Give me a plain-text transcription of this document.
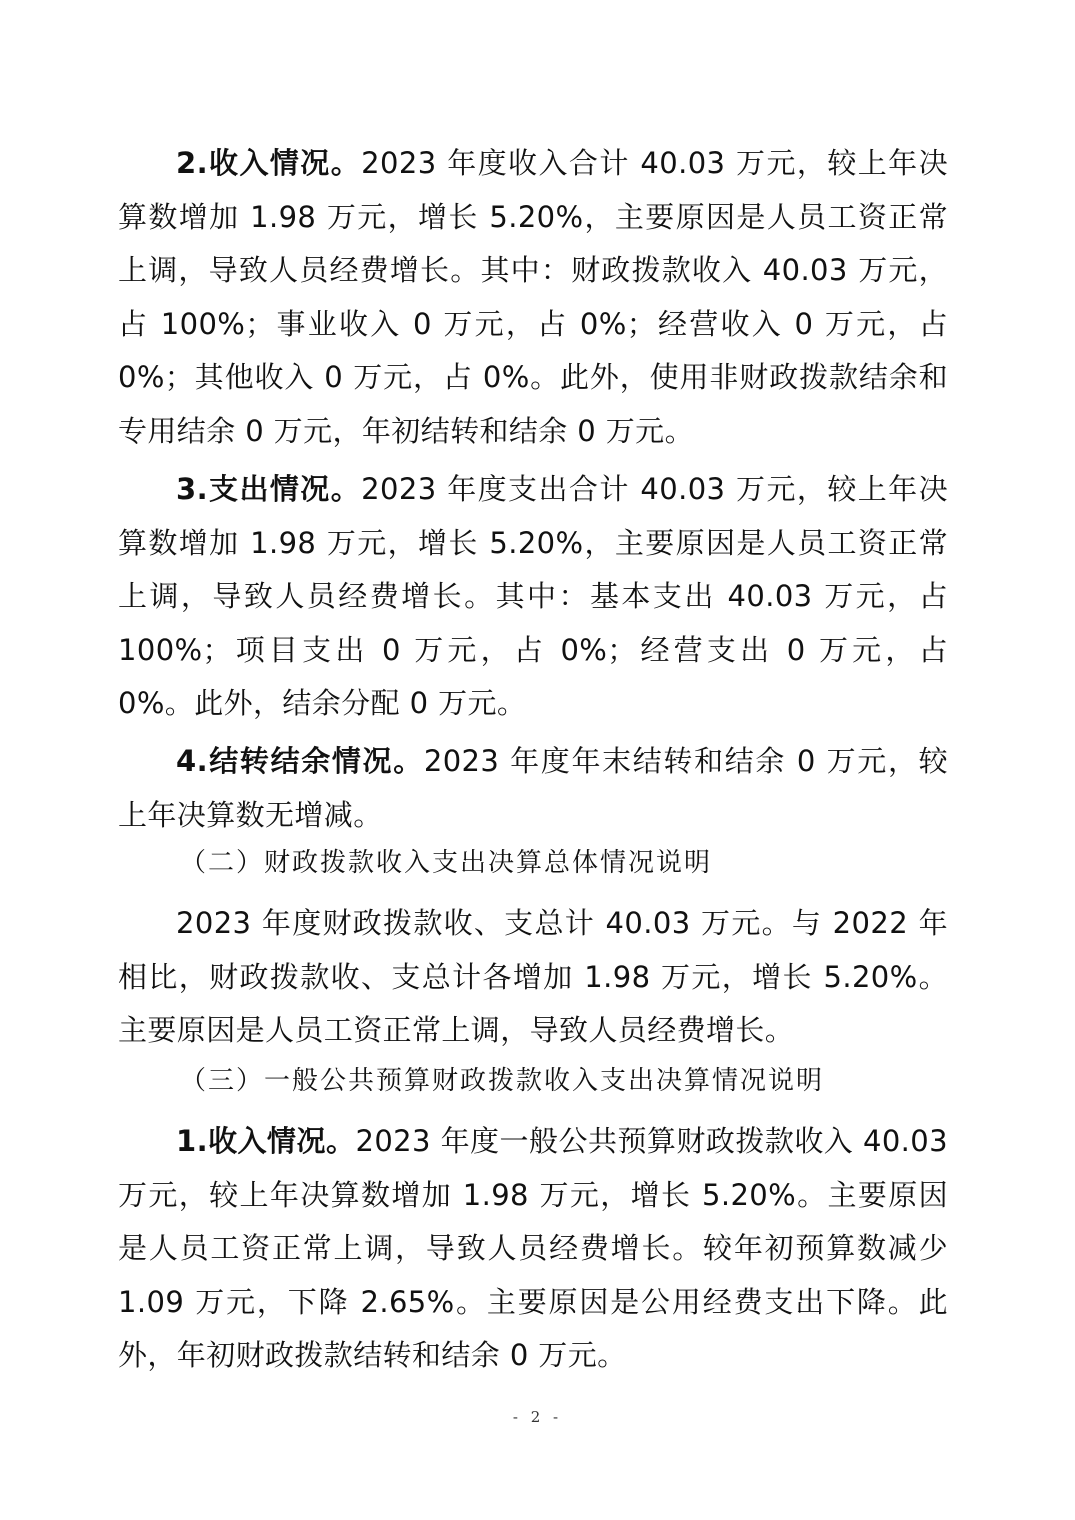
2.收入情况。2023 年度收入合计 40.03 万元，较上年决算数增加 1.98 万元，增长 5.20%，主要原因是人员工资正常上调，导致人员经费增长。其中：财政拨款收入 40.03 万元，占 100%；事业收入 0 万元，占 0%；经营收入 0 万元，占 0%；其他收入 0 万元，占 0%。此外，使用非财政拨款结余和专用结余 0 万元，年初结转和结余 0 万元。

3.支出情况。2023 年度支出合计 40.03 万元，较上年决算数增加 1.98 万元，增长 5.20%，主要原因是人员工资正常上调，导致人员经费增长。其中：基本支出 40.03 万元，占 100%；项目支出 0 万元，占 0%；经营支出 0 万元，占 0%。此外，结余分配 0 万元。

4.结转结余情况。2023 年度年末结转和结余 0 万元，较上年决算数无增减。

（二）财政拨款收入支出决算总体情况说明

2023 年度财政拨款收、支总计 40.03 万元。与 2022 年相比，财政拨款收、支总计各增加 1.98 万元，增长 5.20%。主要原因是人员工资正常上调，导致人员经费增长。

（三）一般公共预算财政拨款收入支出决算情况说明

1.收入情况。2023 年度一般公共预算财政拨款收入 40.03 万元，较上年决算数增加 1.98 万元，增长 5.20%。主要原因是人员工资正常上调，导致人员经费增长。较年初预算数减少 1.09 万元，下降 2.65%。主要原因是公用经费支出下降。此外，年初财政拨款结转和结余 0 万元。

- 2 -
